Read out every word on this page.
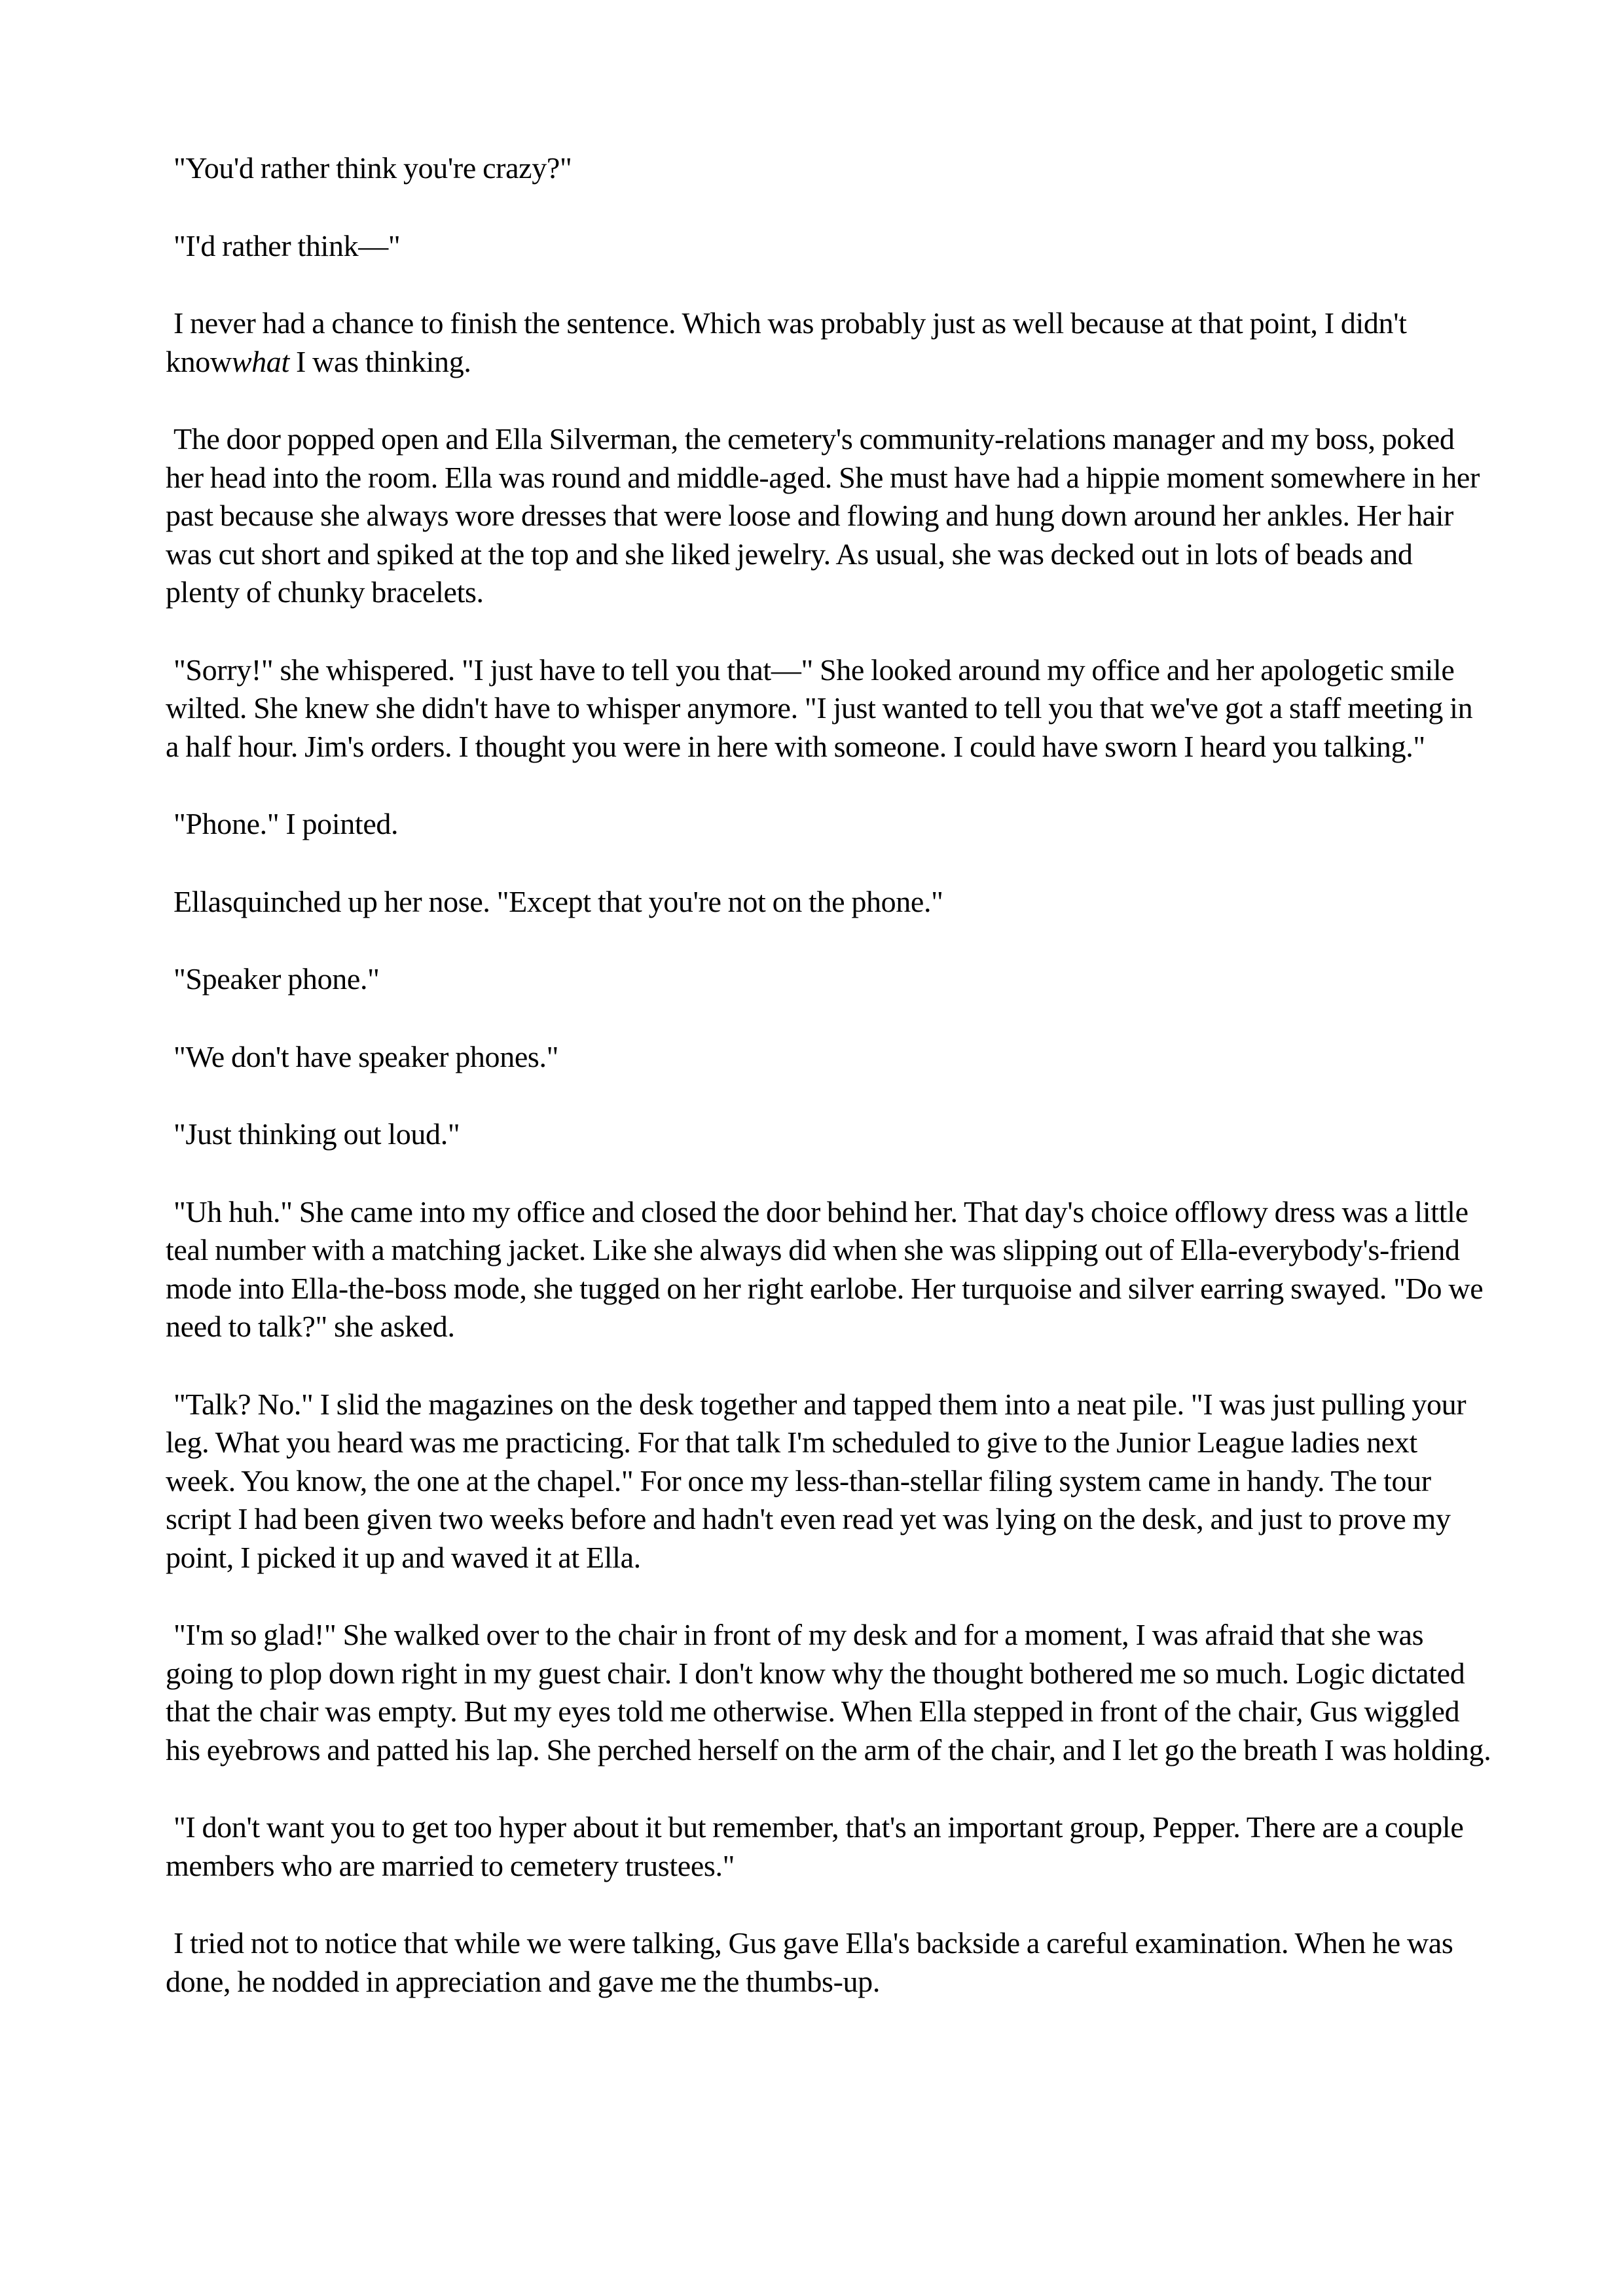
"You'd rather think you're crazy?"

"I'd rather think—"

I never had a chance to finish the sentence. Which was probably just as well because at that point, I didn't knowwhat I was thinking.

The door popped open and Ella Silverman, the cemetery's community-relations manager and my boss, poked her head into the room. Ella was round and middle-aged. She must have had a hippie moment somewhere in her past because she always wore dresses that were loose and flowing and hung down around her ankles. Her hair was cut short and spiked at the top and she liked jewelry. As usual, she was decked out in lots of beads and plenty of chunky bracelets.

"Sorry!" she whispered. "I just have to tell you that—" She looked around my office and her apologetic smile wilted. She knew she didn't have to whisper anymore. "I just wanted to tell you that we've got a staff meeting in a half hour. Jim's orders. I thought you were in here with someone. I could have sworn I heard you talking."

"Phone." I pointed.

Ellasquinched up her nose. "Except that you're not on the phone."

"Speaker phone."

"We don't have speaker phones."

"Just thinking out loud."

"Uh huh." She came into my office and closed the door behind her. That day's choice offlowy dress was a little teal number with a matching jacket. Like she always did when she was slipping out of Ella-everybody's-friend mode into Ella-the-boss mode, she tugged on her right earlobe. Her turquoise and silver earring swayed. "Do we need to talk?" she asked.

"Talk? No." I slid the magazines on the desk together and tapped them into a neat pile. "I was just pulling your leg. What you heard was me practicing. For that talk I'm scheduled to give to the Junior League ladies next week. You know, the one at the chapel." For once my less-than-stellar filing system came in handy. The tour script I had been given two weeks before and hadn't even read yet was lying on the desk, and just to prove my point, I picked it up and waved it at Ella.

"I'm so glad!" She walked over to the chair in front of my desk and for a moment, I was afraid that she was going to plop down right in my guest chair. I don't know why the thought bothered me so much. Logic dictated that the chair was empty. But my eyes told me otherwise. When Ella stepped in front of the chair, Gus wiggled his eyebrows and patted his lap. She perched herself on the arm of the chair, and I let go the breath I was holding.

"I don't want you to get too hyper about it but remember, that's an important group, Pepper. There are a couple members who are married to cemetery trustees."

I tried not to notice that while we were talking, Gus gave Ella's backside a careful examination. When he was done, he nodded in appreciation and gave me the thumbs-up.
